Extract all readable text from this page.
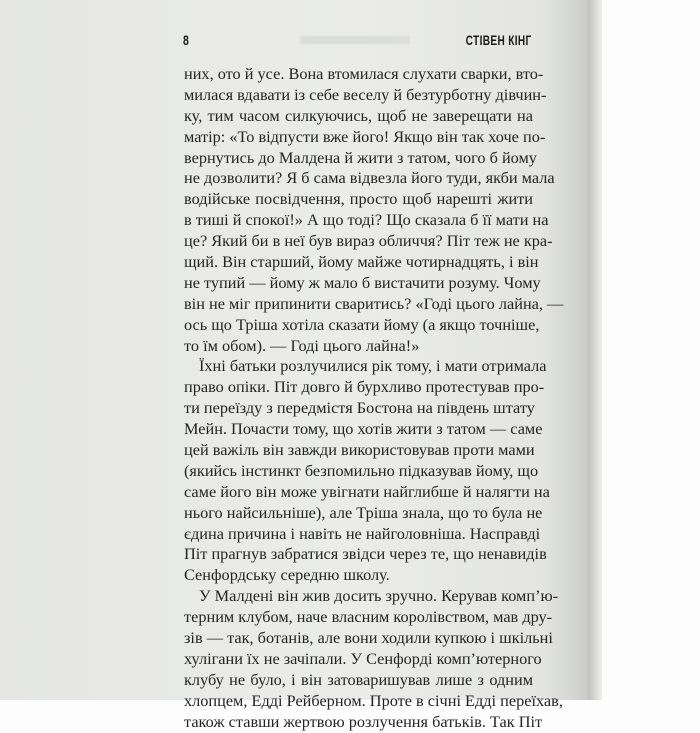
8	СТІВЕН КІНГ
них, ото й усе. Вона втомилася слухати сварки, вто-
милася вдавати із себе веселу й безтурботну дівчин-
ку, тим часом силкуючись, щоб не заверещати на
матір: «То відпусти вже його! Якщо він так хоче по-
вернутись до Малдена й жити з татом, чого б йому
не дозволити? Я б сама відвезла його туди, якби мала
водійське посвідчення, просто щоб нарешті жити
в тиші й спокої!» А що тоді? Що сказала б її мати на
це? Який би в неї був вираз обличчя? Піт теж не кра-
щий. Він старший, йому майже чотирнадцять, і він
не тупий — йому ж мало б вистачити розуму. Чому
він не міг припинити сваритись? «Годі цього лайна, —
ось що Тріша хотіла сказати йому (а якщо точніше,
то їм обом). — Годі цього лайна!»
Їхні батьки розлучилися рік тому, і мати отримала
право опіки. Піт довго й бурхливо протестував про-
ти переїзду з передмістя Бостона на південь штату
Мейн. Почасти тому, що хотів жити з татом — саме
цей важіль він завжди використовував проти мами
(якийсь інстинкт безпомильно підказував йому, що
саме його він може увігнати найглибше й налягти на
нього найсильніше), але Тріша знала, що то була не
єдина причина і навіть не найголовніша. Насправді
Піт прагнув забратися звідси через те, що ненавидів
Сенфордську середню школу.
У Малдені він жив досить зручно. Керував комп’ю-
терним клубом, наче власним королівством, мав дру-
зів — так, ботанів, але вони ходили купкою і шкільні
хулігани їх не зачіпали. У Сенфорді комп’ютерного
клубу не було, і він затоваришував лише з одним
хлопцем, Едді Рейберном. Проте в січні Едді переїхав,
також ставши жертвою розлучення батьків. Так Піт
